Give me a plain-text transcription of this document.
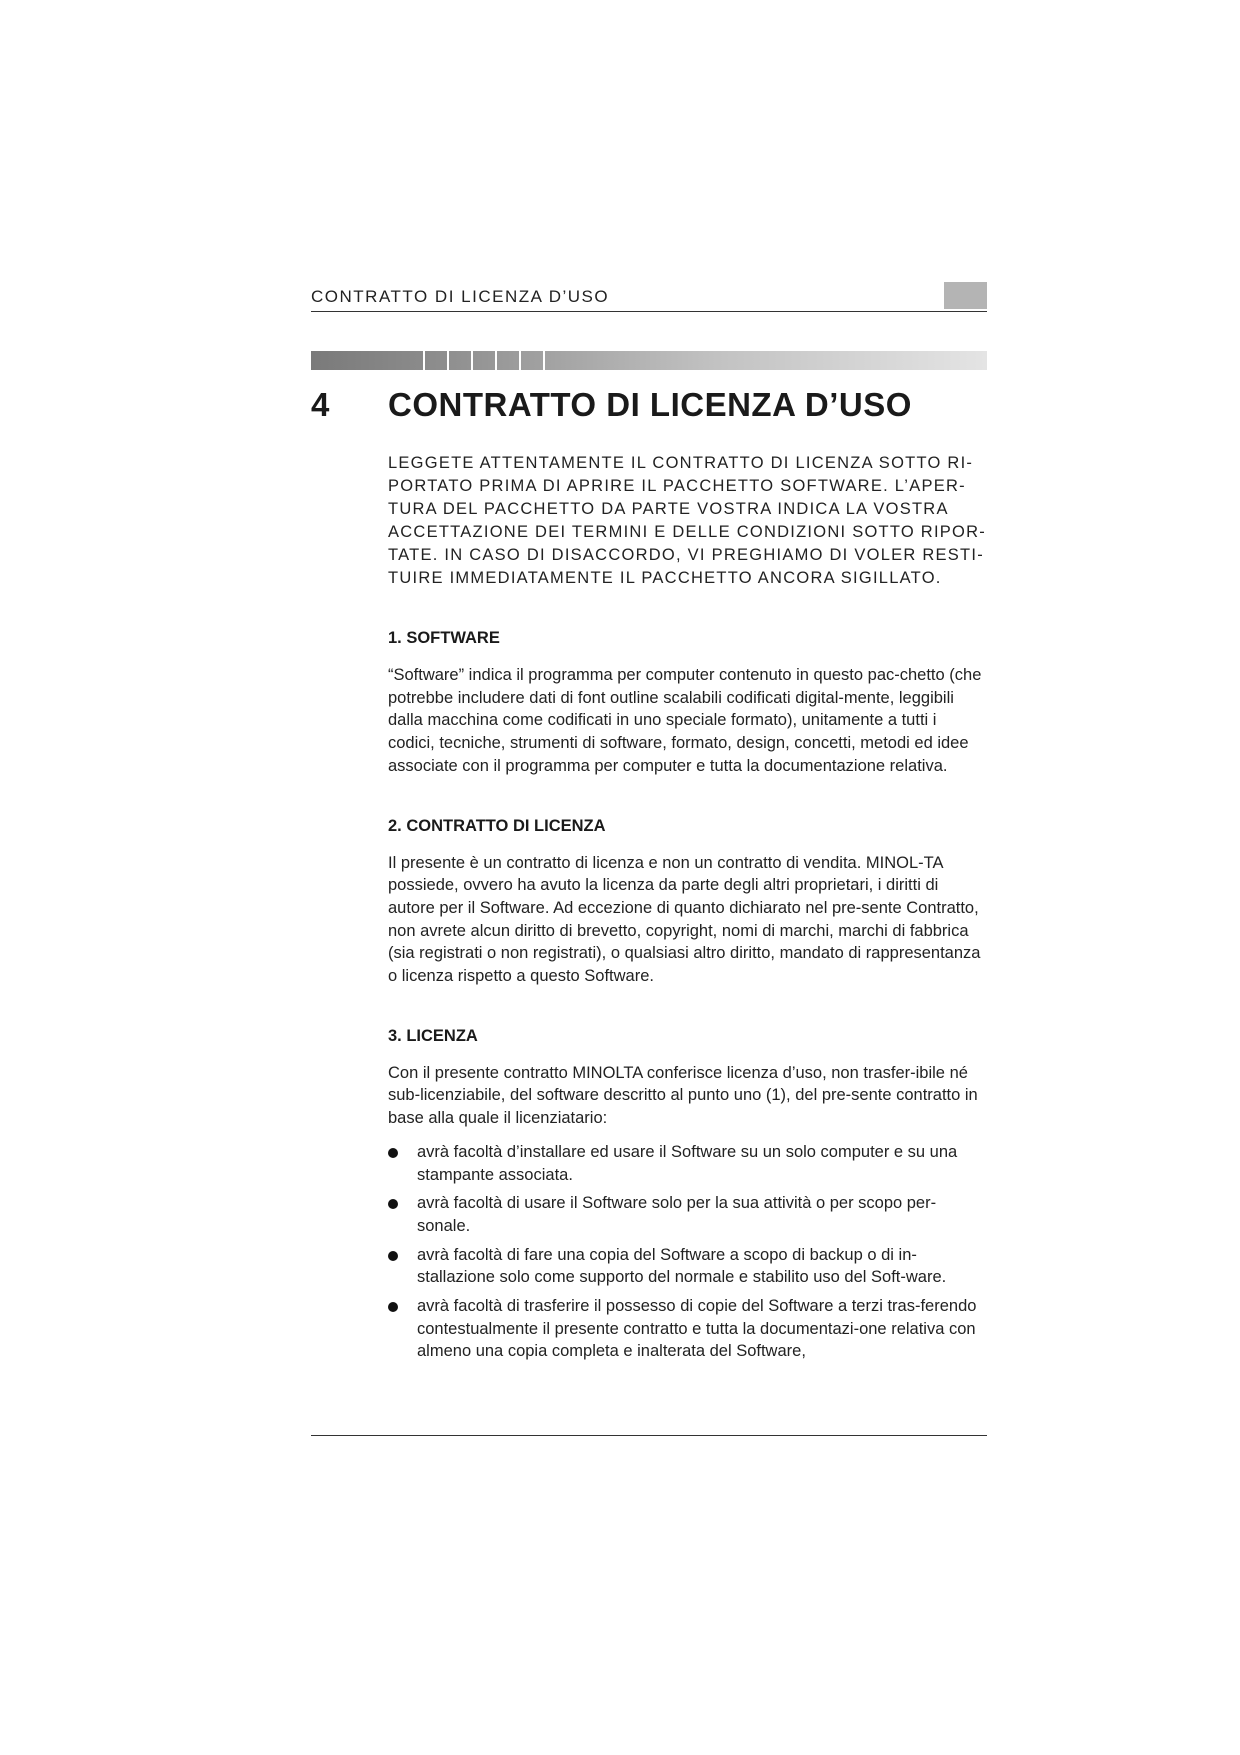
CONTRATTO DI LICENZA D’USO
4 CONTRATTO DI LICENZA D’USO

LEGGETE ATTENTAMENTE IL CONTRATTO DI LICENZA SOTTO RI-PORTATO PRIMA DI APRIRE IL PACCHETTO SOFTWARE. L’APER-TURA DEL PACCHETTO DA PARTE VOSTRA INDICA LA VOSTRA ACCETTAZIONE DEI TERMINI E DELLE CONDIZIONI SOTTO RIPOR-TATE. IN CASO DI DISACCORDO, VI PREGHIAMO DI VOLER RESTI-TUIRE IMMEDIATAMENTE IL PACCHETTO ANCORA SIGILLATO.

1. SOFTWARE

“Software” indica il programma per computer contenuto in questo pac-chetto (che potrebbe includere dati di font outline scalabili codificati digital-mente, leggibili dalla macchina come codificati in uno speciale formato), unitamente a tutti i codici, tecniche, strumenti di software, formato, design, concetti, metodi ed idee associate con il programma per computer e tutta la documentazione relativa.

2. CONTRATTO DI LICENZA

Il presente è un contratto di licenza e non un contratto di vendita. MINOL-TA possiede, ovvero ha avuto la licenza da parte degli altri proprietari, i diritti di autore per il Software. Ad eccezione di quanto dichiarato nel pre-sente Contratto, non avrete alcun diritto di brevetto, copyright, nomi di marchi, marchi di fabbrica (sia registrati o non registrati), o qualsiasi altro diritto, mandato di rappresentanza o licenza rispetto a questo Software.

3. LICENZA

Con il presente contratto MINOLTA conferisce licenza d’uso, non trasfer-ibile né sub-licenziabile, del software descritto al punto uno (1), del pre-sente contratto in base alla quale il licenziatario:

avrà facoltà d’installare ed usare il Software su un solo computer e su una stampante associata.
avrà facoltà di usare il Software solo per la sua attività o per scopo per-sonale.
avrà facoltà di fare una copia del Software a scopo di backup o di in-stallazione solo come supporto del normale e stabilito uso del Soft-ware.
avrà facoltà di trasferire il possesso di copie del Software a terzi tras-ferendo contestualmente il presente contratto e tutta la documentazi-one relativa con almeno una copia completa e inalterata del Software,
